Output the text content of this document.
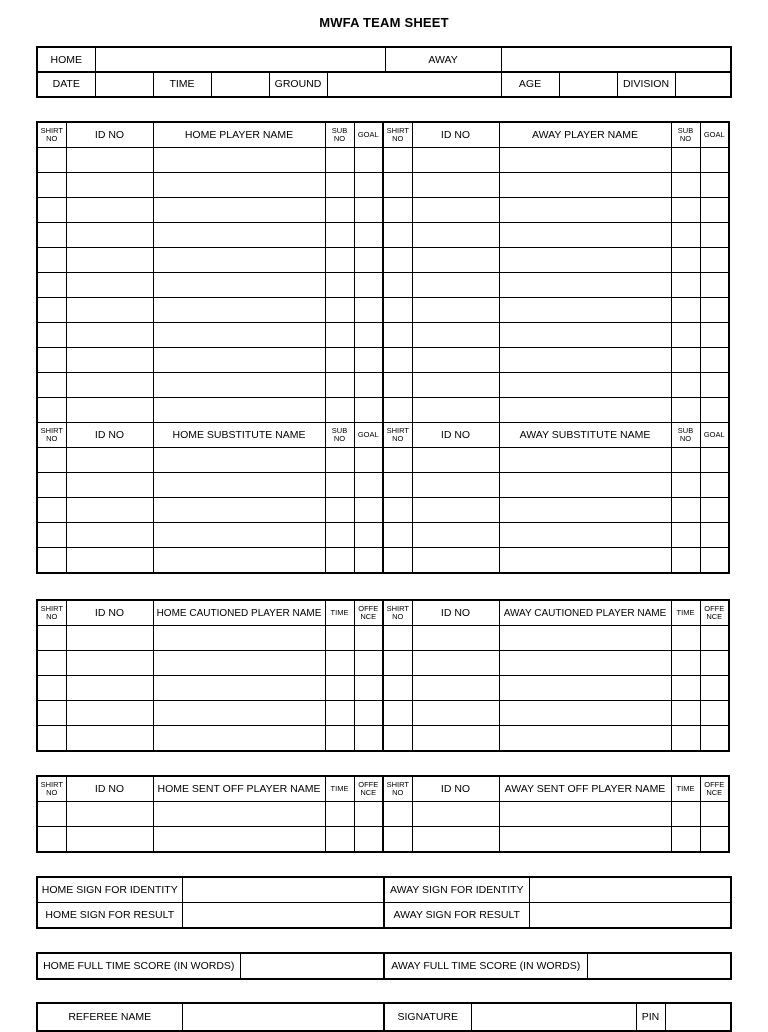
MWFA TEAM SHEET
HOME		AWAY	
DATE		TIME		GROUND		AGE		DIVISION	
SHIRT NO	ID NO	HOME PLAYER NAME	SUB NO	GOAL	SHIRT NO	ID NO	AWAY PLAYER NAME	SUB NO	GOAL

SHIRT NO	ID NO	HOME SUBSTITUTE NAME	SUB NO	GOAL	SHIRT NO	ID NO	AWAY SUBSTITUTE NAME	SUB NO	GOAL

SHIRT NO	ID NO	HOME CAUTIONED PLAYER NAME	TIME	OFFE NCE	SHIRT NO	ID NO	AWAY CAUTIONED PLAYER NAME	TIME	OFFE NCE

SHIRT NO	ID NO	HOME SENT OFF PLAYER NAME	TIME	OFFE NCE	SHIRT NO	ID NO	AWAY SENT OFF PLAYER NAME	TIME	OFFE NCE

HOME SIGN FOR IDENTITY		AWAY SIGN FOR IDENTITY	
HOME SIGN FOR RESULT		AWAY SIGN FOR RESULT	
HOME FULL TIME SCORE (IN WORDS)		AWAY FULL TIME SCORE (IN WORDS)	
REFEREE NAME		SIGNATURE		PIN	
